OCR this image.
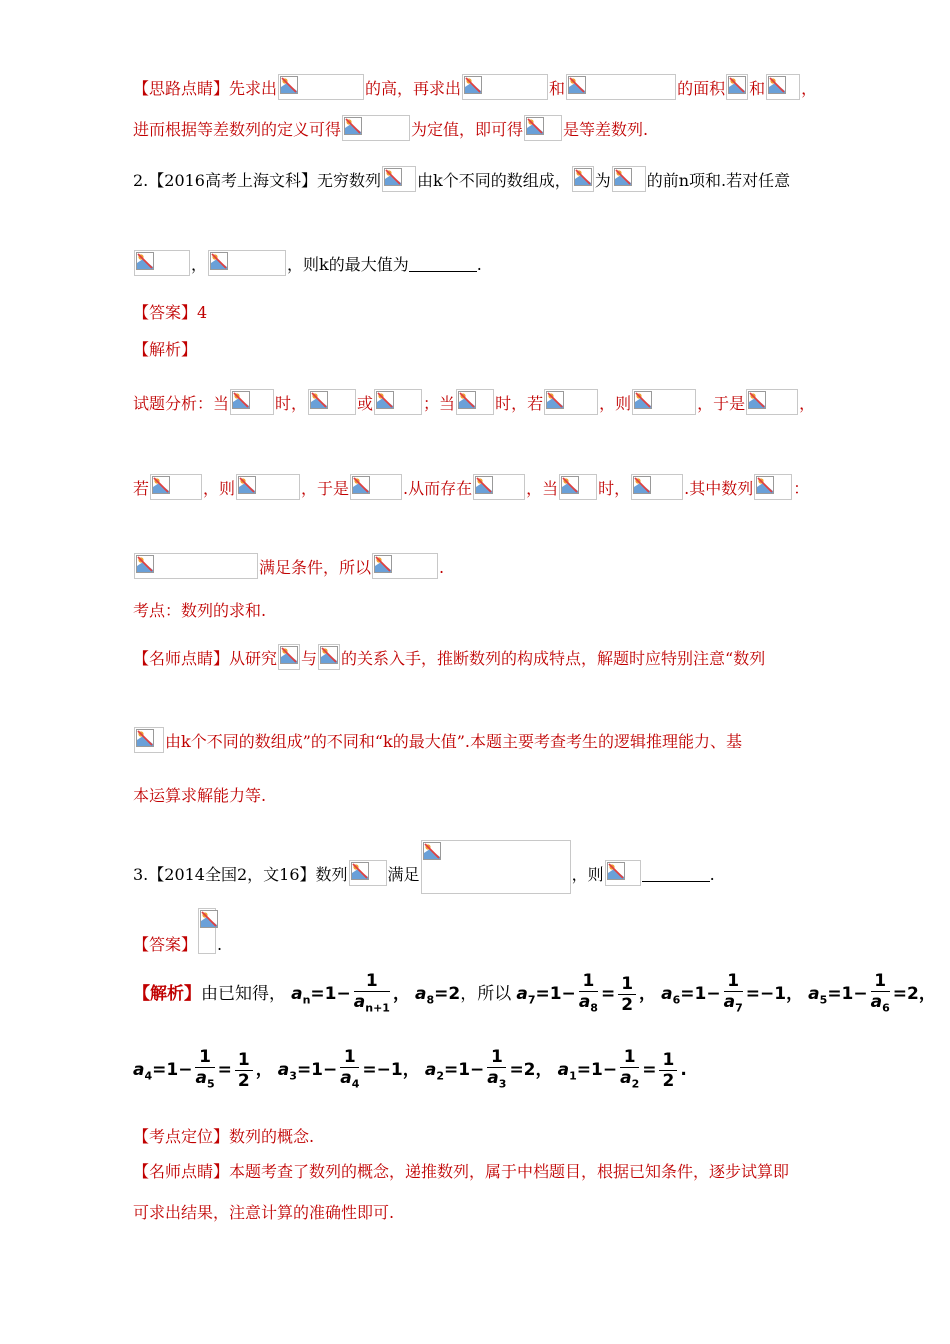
【思路点睛】先求出	的高，再求出	和	的面积 和 ，
进而根据等差数列的定义可得	为定值，即可得	是等差数列.
2.【2016高考上海文科】无穷数列 由k个不同的数组成， 为 的前n项和.若对任意
，	，则k的最大值为	.
【答案】4
【解析】
试题分析：当	时，	或	；当	时，若	，则	，于是	，
若	，则	，于是	.从而存在	，当	时，	.其中数列	：
满足条件，所以	.
考点：数列的求和.
【名师点睛】从研究 与 的关系入手，推断数列的构成特点，解题时应特别注意“数列
由k个不同的数组成”的不同和“k的最大值”.本题主要考查考生的逻辑推理能力、基
本运算求解能力等.
3.【2014全国2，文16】数列	满足	，则	.
【答案】 .
【解析】由已知得， $a_n=1- \frac{1}{a_{n+1}}$ ， $a_8=2$，所以 $a_7=1- \frac{1}{a_8} = \frac{1}{2}$ ， $a_6=1- \frac{1}{a_7} =-1$， $a_5=1- \frac{1}{a_6} =2$，
$a_4=1- \frac{1}{a_5} = \frac{1}{2}$ ， $a_3=1- \frac{1}{a_4} =-1$， $a_2=1- \frac{1}{a_3} =2$， $a_1=1- \frac{1}{a_2} = \frac{1}{2}$ .
【考点定位】数列的概念.
【名师点睛】本题考查了数列的概念，递推数列，属于中档题目，根据已知条件，逐步试算即
可求出结果，注意计算的准确性即可.
